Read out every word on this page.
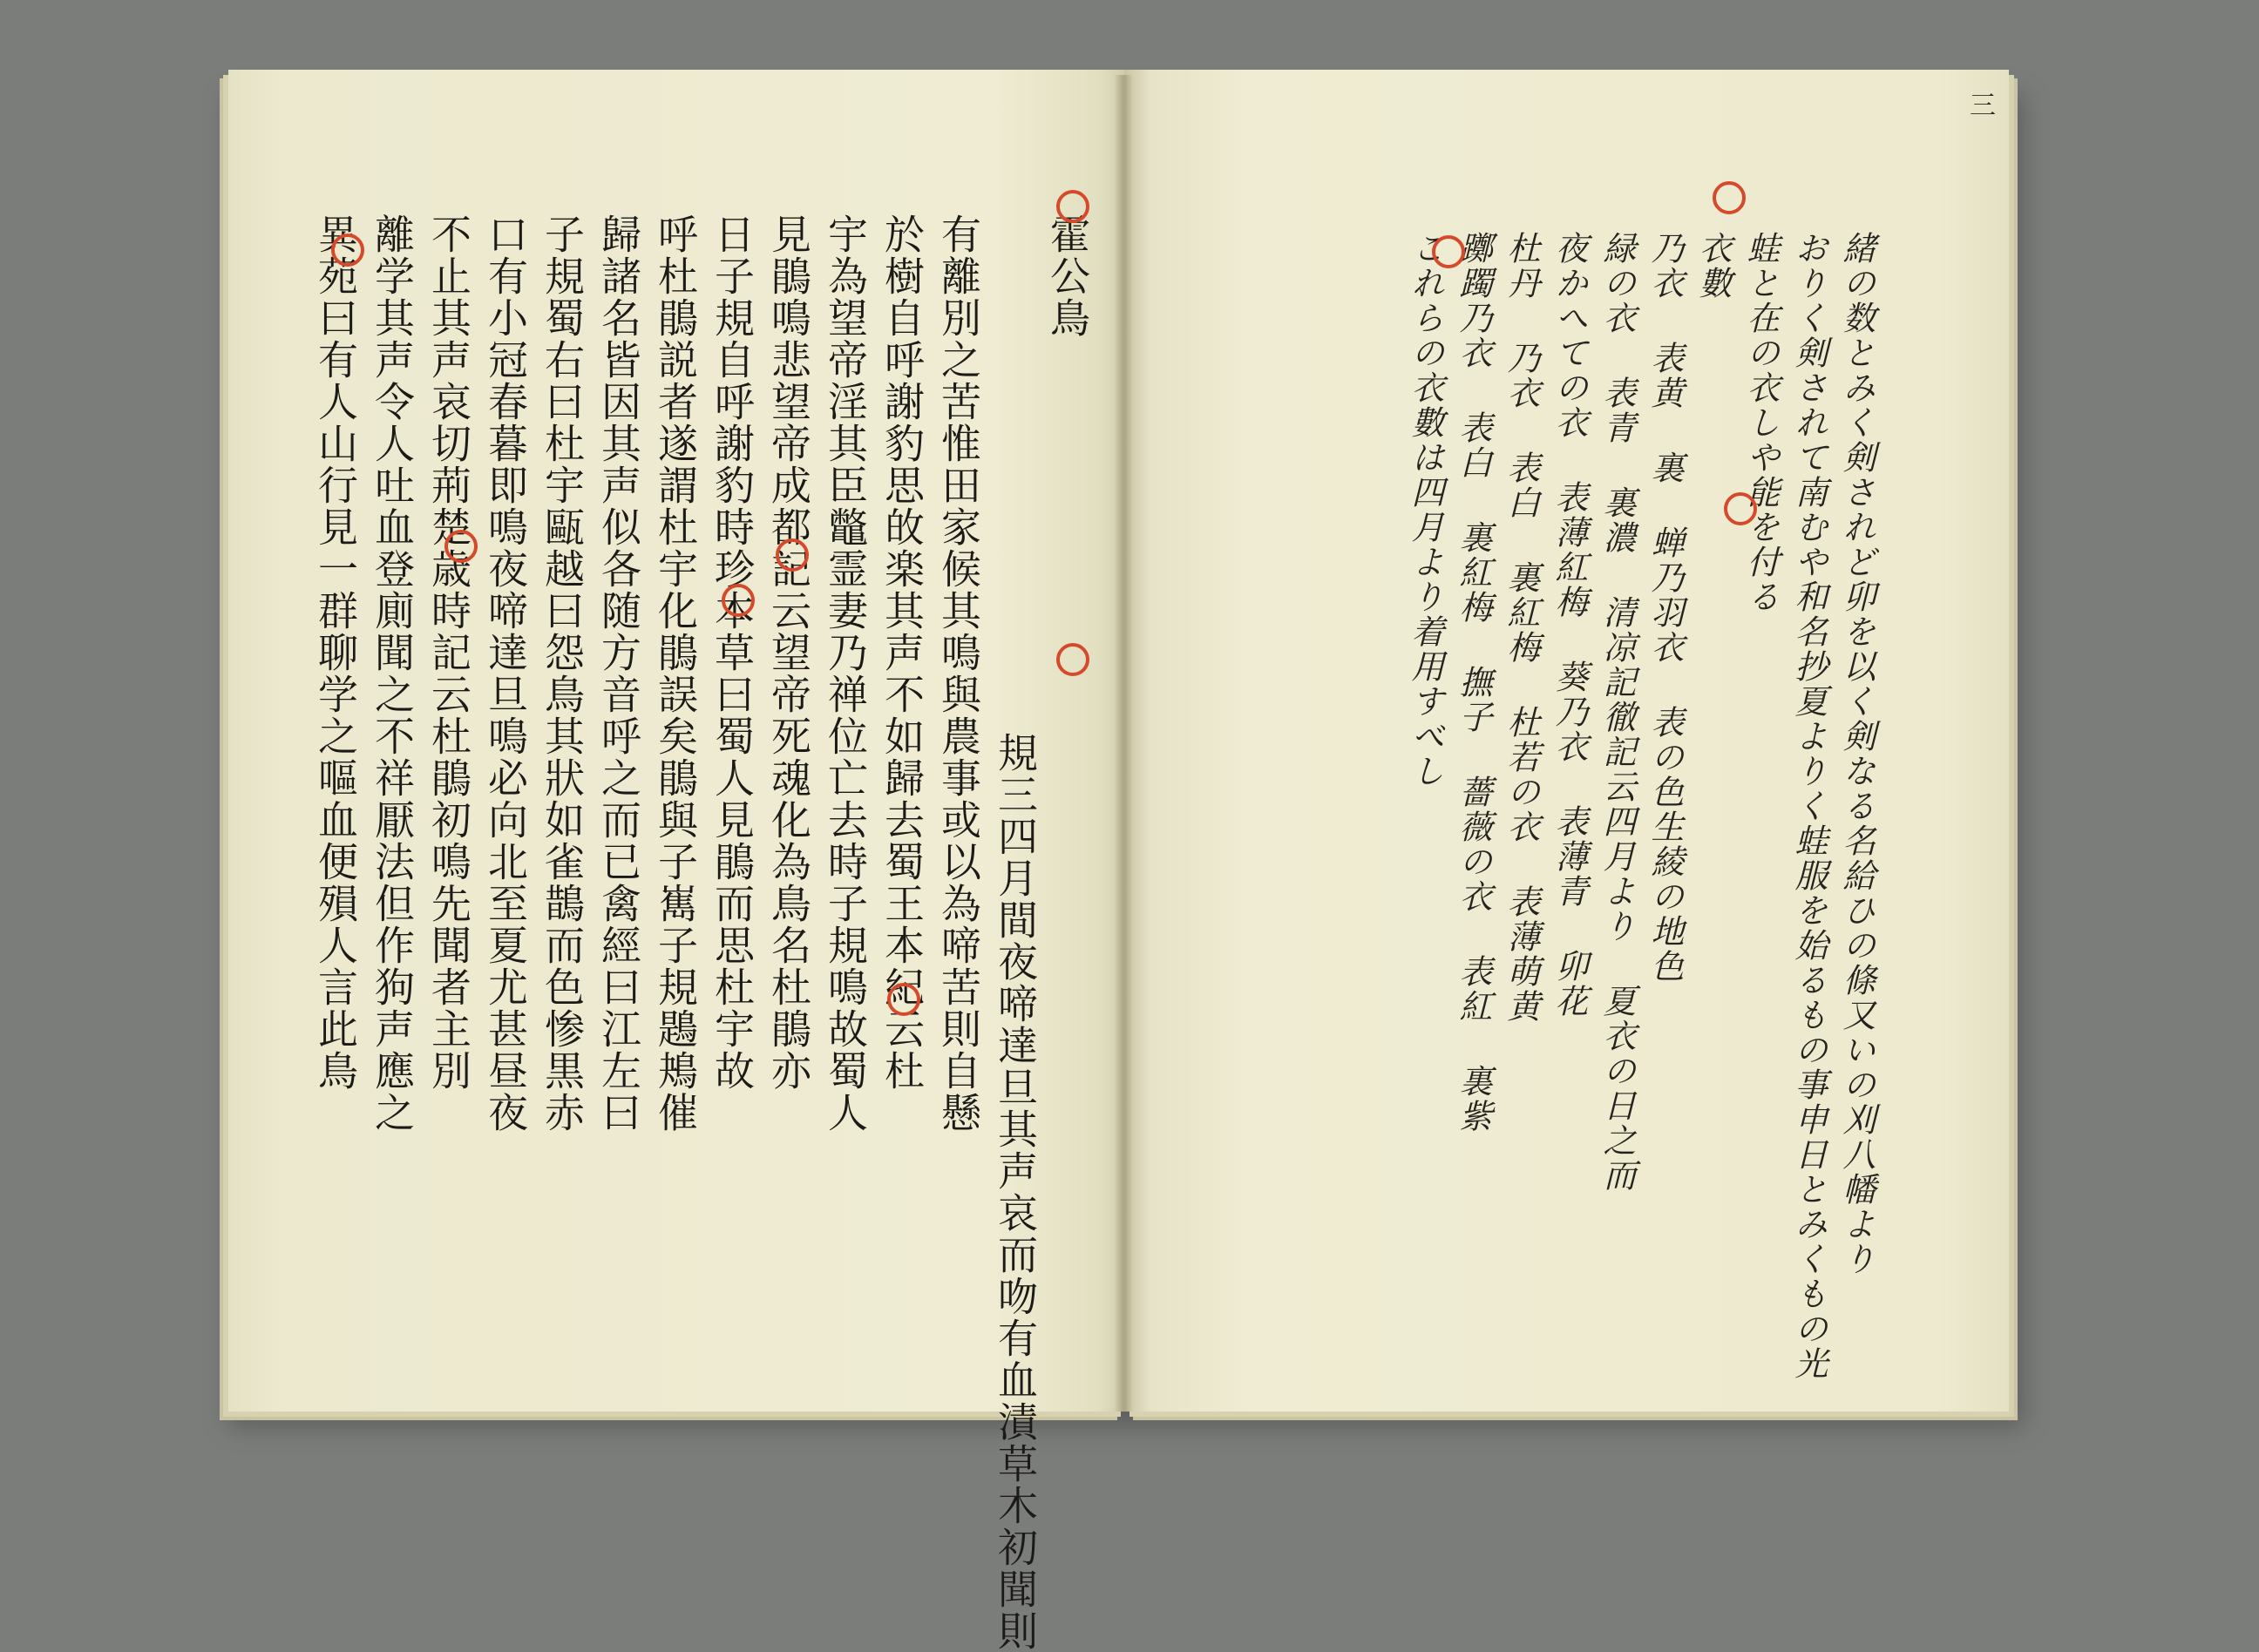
三
霍公鳥
規三四月間夜啼達旦其声哀而吻有血漬草木初聞則
有離別之苦惟田家候其鳴與農事或以為啼苦則自懸
於樹自呼謝豹思敀楽其声不如歸去蜀王本紀云杜
宇為望帝淫其臣鼈霊妻乃禅位亡去時子規鳴故蜀人
見鵑鳴悲望帝成都記云望帝死魂化為鳥名杜鵑亦
日子規自呼謝豹時珍本草曰蜀人見鵑而思杜宇故
呼杜鵑説者遂謂杜宇化鵑誤矣鵑與子嶲子規鶗鴂催
歸諸名皆因其声似各随方音呼之而已禽經曰江左曰
子規蜀右曰杜宇甌越曰怨鳥其狀如雀鵲而色惨黒赤
口有小冠春暮即鳴夜啼達旦鳴必向北至夏尤甚昼夜
不止其声哀切荊楚歳時記云杜鵑初鳴先聞者主別
離学其声令人吐血登廁聞之不祥厭法但作狗声應之
異苑曰有人山行見一群聊学之嘔血便殞人言此鳥	緒の数とみく剣されど卯を以く剣なる名給ひの條又いの刈八幡より
おりく剣されて南むや和名抄夏よりく蛙服を始るもの事申日とみくもの光
蛙と在の衣しや能を付る
衣數
乃衣 表黄 裏 蝉乃羽衣 表の色生綾の地色
緑の衣 表青 裏濃 清凉記徹記云四月より 夏衣の日之而
夜かへての衣 表薄紅梅 葵乃衣 表薄青 卯花
杜丹 乃衣 表白 裏紅梅 杜若の衣 表薄萌黄
躑躅乃衣 表白 裏紅梅 撫子 薔薇の衣 表紅 裏紫
これらの衣數は四月より着用すべし
